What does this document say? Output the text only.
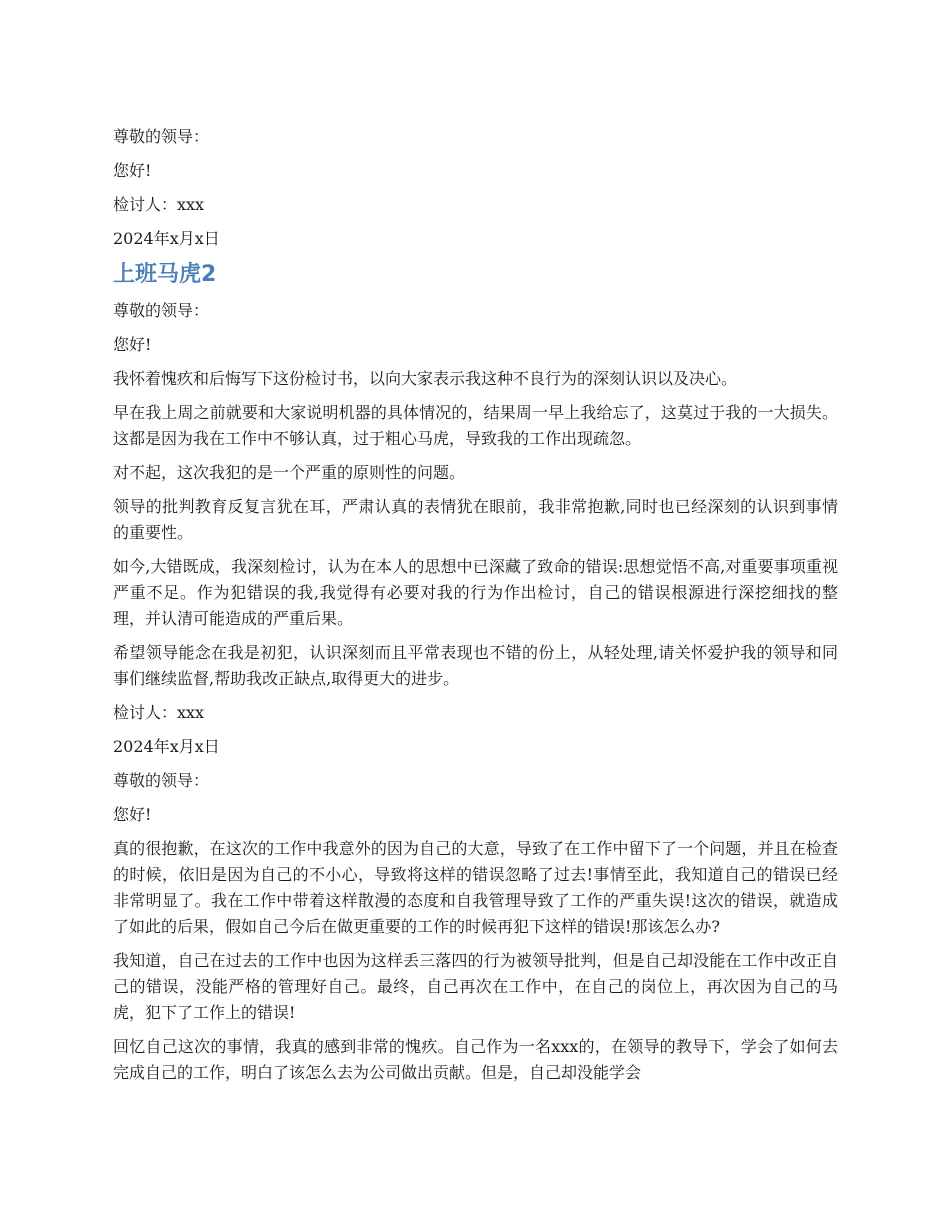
尊敬的领导：

您好!

检讨人：xxx

2024年x月x日

上班马虎2

尊敬的领导：

您好!

我怀着愧疚和后悔写下这份检讨书，以向大家表示我这种不良行为的深刻认识以及决心。

早在我上周之前就要和大家说明机器的具体情况的，结果周一早上我给忘了，这莫过于我的一大损失。这都是因为我在工作中不够认真，过于粗心马虎，导致我的工作出现疏忽。

对不起，这次我犯的是一个严重的原则性的问题。

领导的批判教育反复言犹在耳，严肃认真的表情犹在眼前，我非常抱歉,同时也已经深刻的认识到事情的重要性。

如今,大错既成，我深刻检讨，认为在本人的思想中已深藏了致命的错误:思想觉悟不高,对重要事项重视严重不足。作为犯错误的我,我觉得有必要对我的行为作出检讨，自己的错误根源进行深挖细找的整理，并认清可能造成的严重后果。

希望领导能念在我是初犯，认识深刻而且平常表现也不错的份上，从轻处理,请关怀爱护我的领导和同事们继续监督,帮助我改正缺点,取得更大的进步。

检讨人：xxx

2024年x月x日

尊敬的领导：

您好!

真的很抱歉，在这次的工作中我意外的因为自己的大意，导致了在工作中留下了一个问题，并且在检查的时候，依旧是因为自己的不小心，导致将这样的错误忽略了过去!事情至此，我知道自己的错误已经非常明显了。我在工作中带着这样散漫的态度和自我管理导致了工作的严重失误!这次的错误，就造成了如此的后果，假如自己今后在做更重要的工作的时候再犯下这样的错误!那该怎么办?

我知道，自己在过去的工作中也因为这样丢三落四的行为被领导批判，但是自己却没能在工作中改正自己的错误，没能严格的管理好自己。最终，自己再次在工作中，在自己的岗位上，再次因为自己的马虎，犯下了工作上的错误!

回忆自己这次的事情，我真的感到非常的愧疚。自己作为一名xxx的，在领导的教导下，学会了如何去完成自己的工作，明白了该怎么去为公司做出贡献。但是，自己却没能学会
